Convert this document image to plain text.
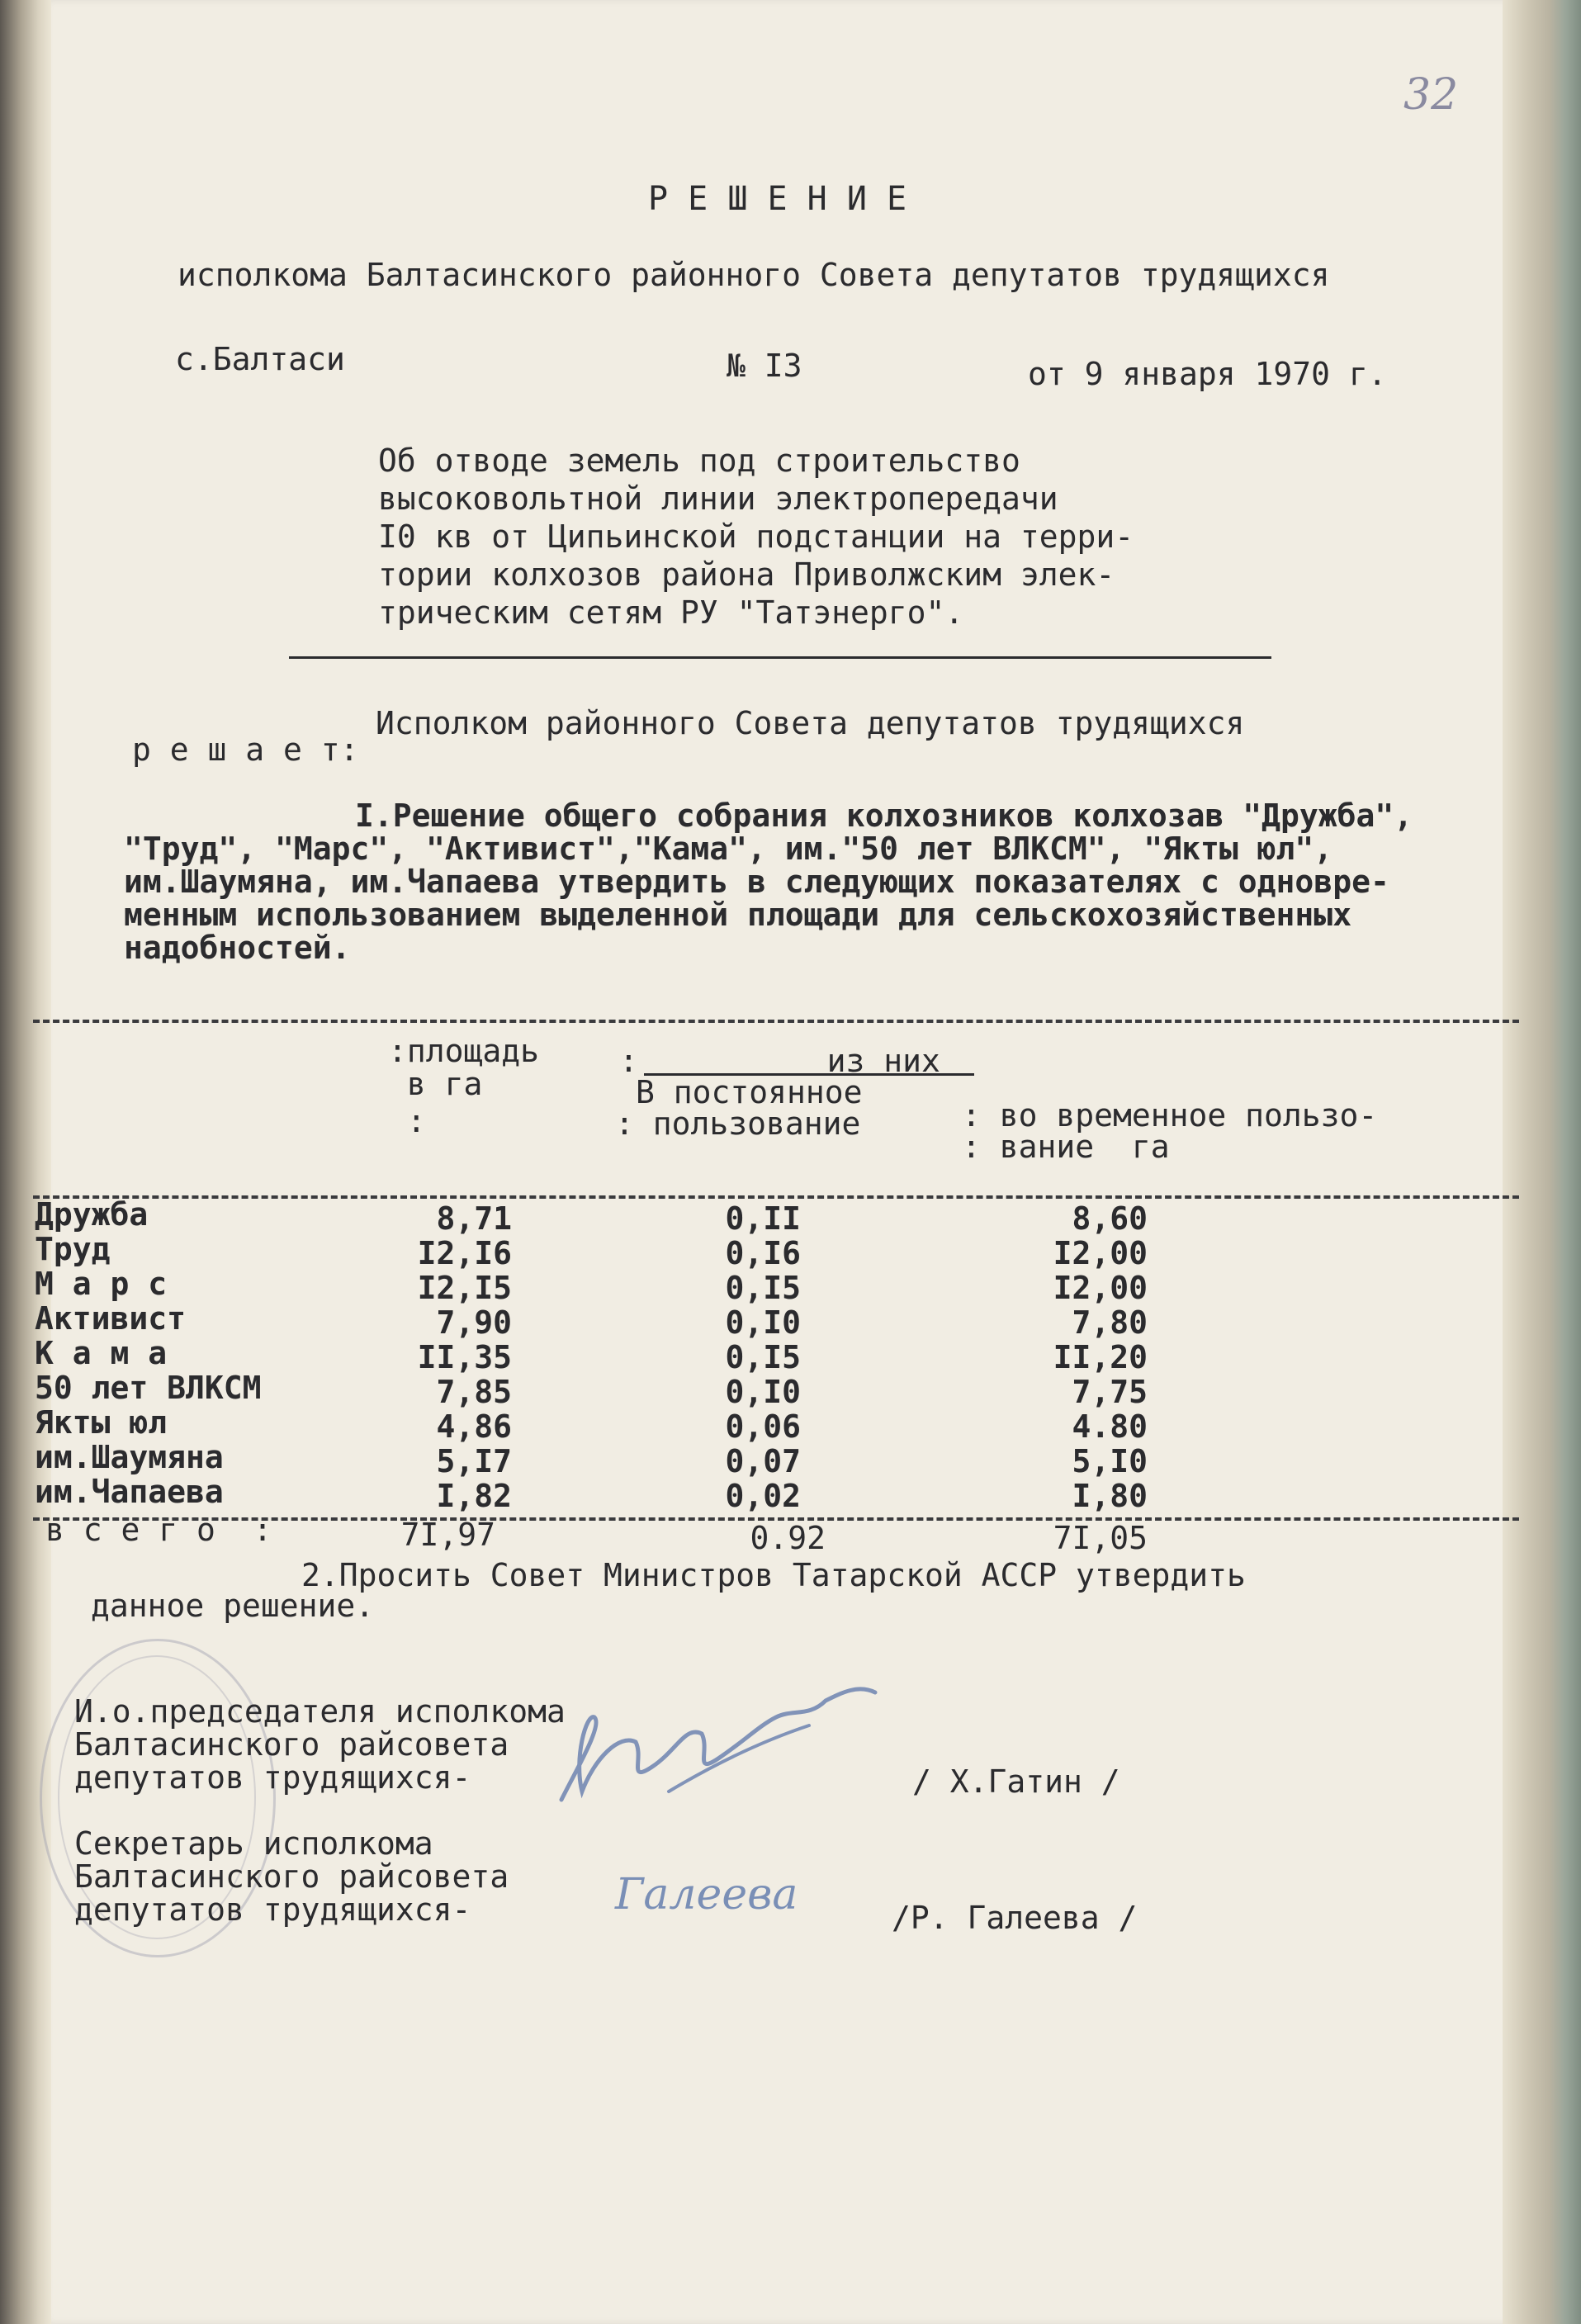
32
Р Е Ш Е Н И Е
исполкома Балтасинского районного Совета депутатов трудящихся
с.Балтаси	№ I3	от 9 января 1970 г.
Об отводе земель под строительство
высоковольтной линии электропередачи
I0 кв от Ципьинской подстанции на терри-
тории колхозов района Приволжским элек-
трическим сетям РУ "Татэнерго".
Исполком районного Совета депутатов трудящихся
р е ш а е т:
I.Решение общего собрания колхозников колхозав "Дружба",
"Труд", "Марс", "Активист","Кама", им."50 лет ВЛКСМ", "Якты юл",
им.Шаумяна, им.Чапаева утвердить в следующих показателях с одновре-
менным использованием выделенной площади для сельскохозяйственных
надобностей.
:площадь
в га
:
:          из них
В постоянное
: пользование	: во временное пользо-
: вание  га
Дружба	8,71	0,II	8,60
Труд	I2,I6	0,I6	I2,00
М а р с	I2,I5	0,I5	I2,00
Активист	7,90	0,I0	7,80
К а м а	II,35	0,I5	II,20
50 лет ВЛКСМ	7,85	0,I0	7,75
Якты юл	4,86	0,06	4.80
им.Шаумяна	5,I7	0,07	5,I0
им.Чапаева	I,82	0,02	I,80
в с е г о  :	7I,97	0.92	7I,05
2.Просить Совет Министров Татарской АССР утвердить
данное решение.
И.о.председателя исполкома
Балтасинского райсовета
депутатов трудящихся-	/ Х.Гатин /
Секретарь исполкома
Балтасинского райсовета
депутатов трудящихся-	Галеева	/Р. Галеева /
